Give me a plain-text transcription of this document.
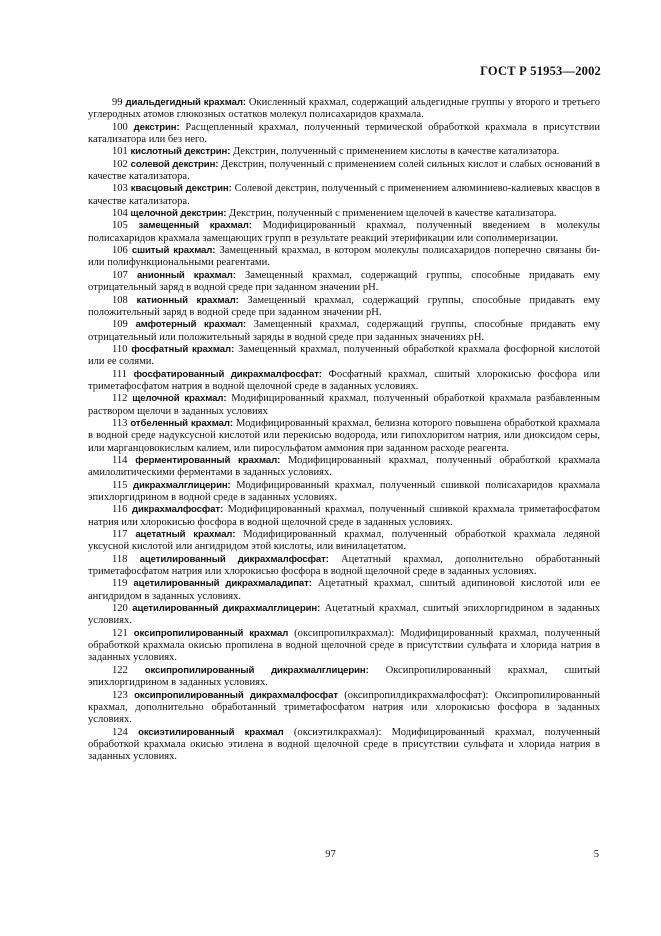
ГОСТ Р 51953—2002

99 диальдегидный крахмал: Окисленный крахмал, содержащий альдегидные группы у второго и третьего углеродных атомов глюкозных остатков молекул полисахаридов крахмала.

100 декстрин: Расщепленный крахмал, полученный термической обработкой крахмала в присутствии катализатора или без него.

101 кислотный декстрин: Декстрин, полученный с применением кислоты в качестве катализатора.

102 солевой декстрин: Декстрин, полученный с применением солей сильных кислот и слабых оснований в качестве катализатора.

103 квасцовый декстрин: Солевой декстрин, полученный с применением алюминиево-калиевых квасцов в качестве катализатора.

104 щелочной декстрин: Декстрин, полученный с применением щелочей в качестве катализатора.

105 замещенный крахмал: Модифицированный крахмал, полученный введением в молекулы полисахаридов крахмала замещающих групп в результате реакций этерификации или сополимеризации.

106 сшитый крахмал: Замещенный крахмал, в котором молекулы полисахаридов поперечно связаны би- или полифункциональными реагентами.

107 анионный крахмал: Замещенный крахмал, содержащий группы, способные придавать ему отрицательный заряд в водной среде при заданном значении pH.

108 катионный крахмал: Замещенный крахмал, содержащий группы, способные придавать ему положительный заряд в водной среде при заданном значении pH.

109 амфотерный крахмал: Замещенный крахмал, содержащий группы, способные придавать ему отрицательный или положительный заряды в водной среде при заданных значениях pH.

110 фосфатный крахмал: Замещенный крахмал, полученный обработкой крахмала фосфорной кислотой или ее солями.

111 фосфатированный дикрахмалфосфат: Фосфатный крахмал, сшитый хлорокисью фосфора или триметафосфатом натрия в водной щелочной среде в заданных условиях.

112 щелочной крахмал: Модифицированный крахмал, полученный обработкой крахмала разбавленным раствором щелочи в заданных условиях

113 отбеленный крахмал: Модифицированный крахмал, белизна которого повышена обработкой крахмала в водной среде надуксусной кислотой или перекисью водорода, или гипохлоритом натрия, или диоксидом серы, или марганцовокислым калием, или пиросульфатом аммония при заданном расходе реагента.

114 ферментированный крахмал: Модифицированный крахмал, полученный обработкой крахмала амилолитическими ферментами в заданных условиях.

115 дикрахмалглицерин: Модифицированный крахмал, полученный сшивкой полисахаридов крахмала эпихлоргидрином в водной среде в заданных условиях.

116 дикрахмалфосфат: Модифицированный крахмал, полученный сшивкой крахмала триметафосфатом натрия или хлорокисью фосфора в водной щелочной среде в заданных условиях.

117 ацетатный крахмал: Модифицированный крахмал, полученный обработкой крахмала ледяной уксусной кислотой или ангидридом этой кислоты, или винилацетатом.

118 ацетилированный дикрахмалфосфат: Ацетатный крахмал, дополнительно обработанный триметафосфатом натрия или хлорокисью фосфора в водной щелочной среде в заданных условиях.

119 ацетилированный дикрахмаладипат: Ацетатный крахмал, сшитый адипиновой кислотой или ее ангидридом в заданных условиях.

120 ацетилированный дикрахмалглицерин: Ацетатный крахмал, сшитый эпихлоргидрином в заданных условиях.

121 оксипропилированный крахмал (оксипропилкрахмал): Модифицированный крахмал, полученный обработкой крахмала окисью пропилена в водной щелочной среде в присутствии сульфата и хлорида натрия в заданных условиях.

122 оксипропилированный дикрахмалглицерин: Оксипропилированный крахмал, сшитый эпихлоргидрином в заданных условиях.

123 оксипропилированный дикрахмалфосфат (оксипропилдикрахмалфосфат): Оксипропилированный крахмал, дополнительно обработанный триметафосфатом натрия или хлорокисью фосфора в заданных условиях.

124 оксиэтилированный крахмал (оксиэтилкрахмал): Модифицированный крахмал, полученный обработкой крахмала окисью этилена в водной щелочной среде в присутствии сульфата и хлорида натрия в заданных условиях.

97	5
